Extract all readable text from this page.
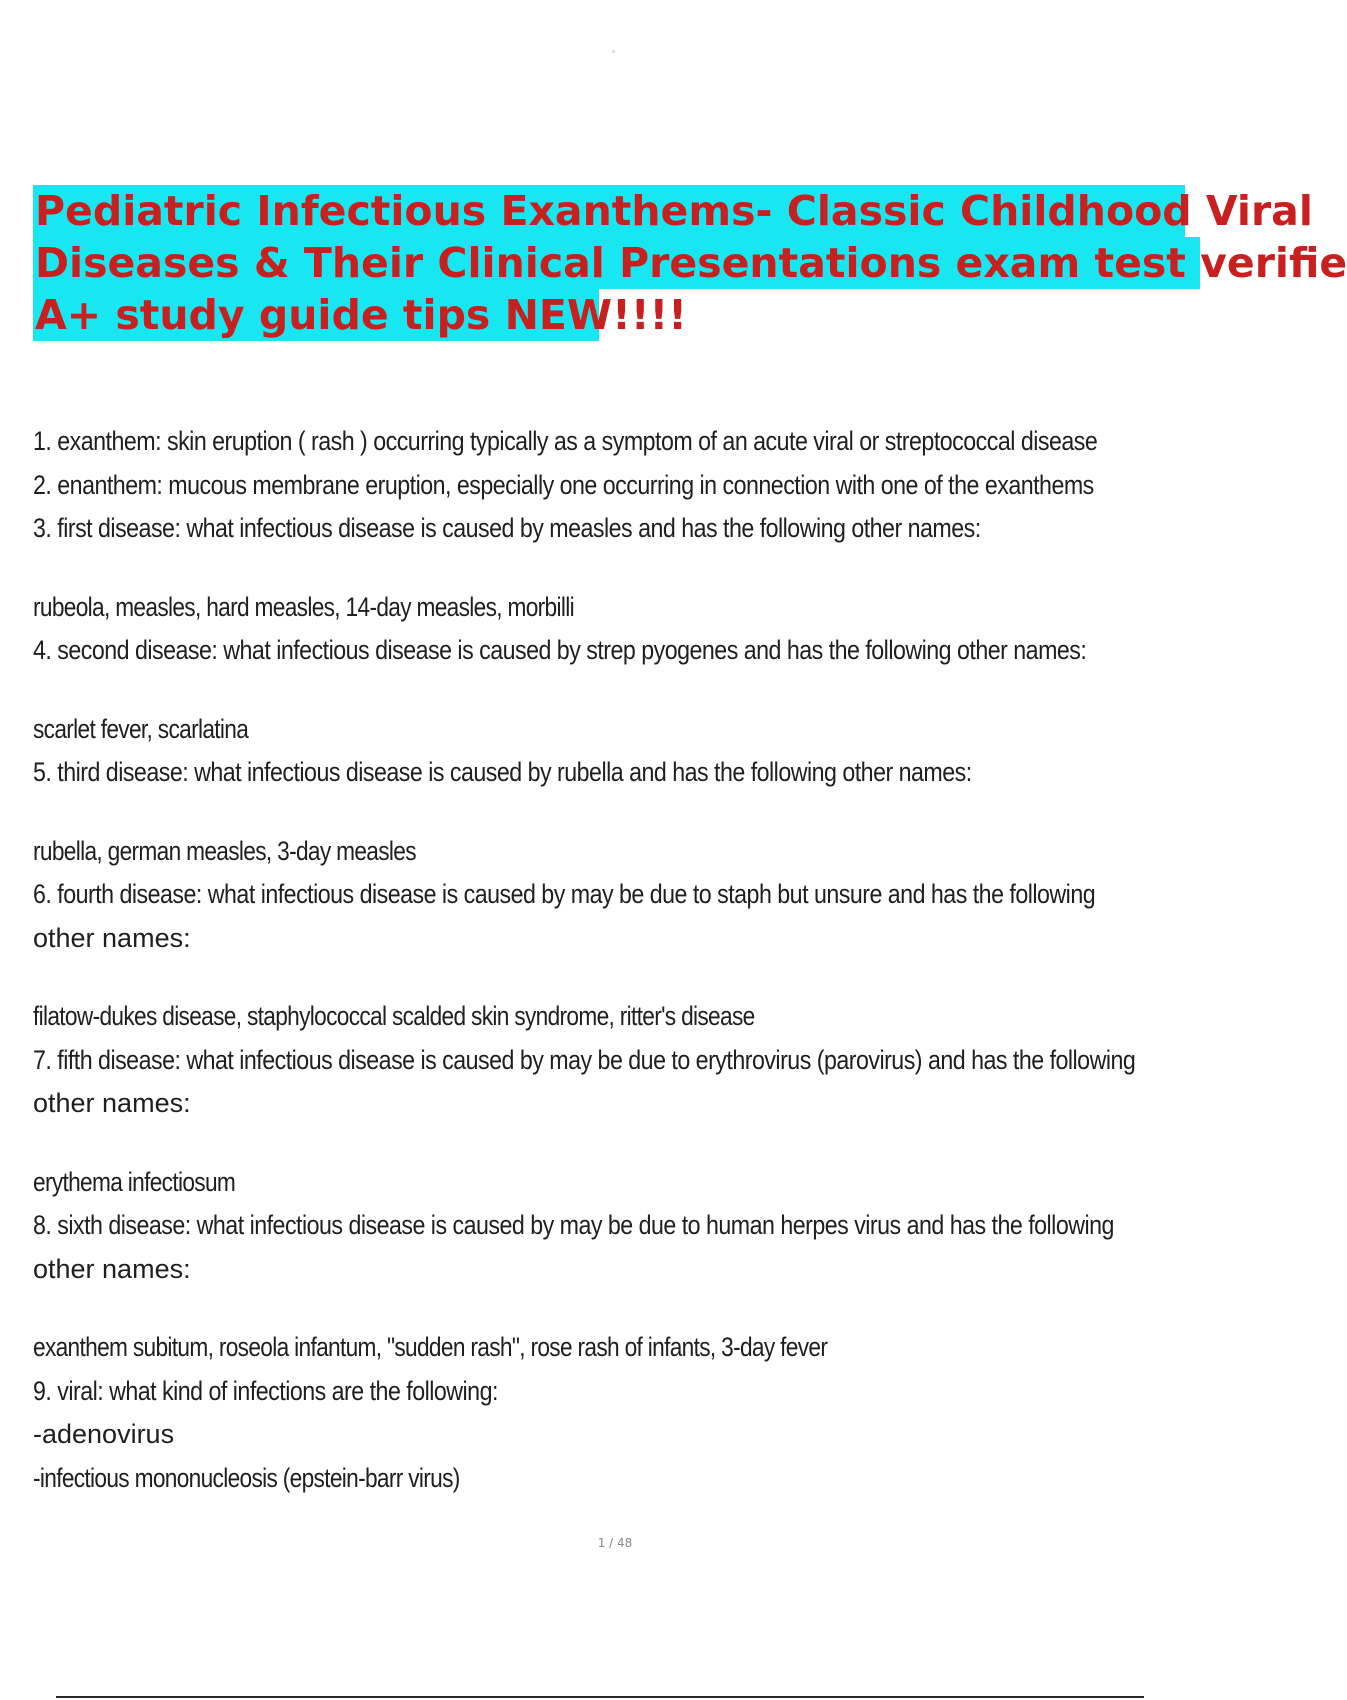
Pediatric Infectious Exanthems- Classic Childhood Viral
Diseases & Their Clinical Presentations exam test verifie
A+ study guide tips NEW!!!!
1. exanthem: skin eruption ( rash ) occurring typically as a symptom of an acute viral or streptococcal disease
2. enanthem: mucous membrane eruption, especially one occurring in connection with one of the exanthems
3. first disease: what infectious disease is caused by measles and has the following other names:
rubeola, measles, hard measles, 14-day measles, morbilli
4. second disease: what infectious disease is caused by strep pyogenes and has the following other names:
scarlet fever, scarlatina
5. third disease: what infectious disease is caused by rubella and has the following other names:
rubella, german measles, 3-day measles
6. fourth disease: what infectious disease is caused by may be due to staph but unsure and has the following
other names:
filatow-dukes disease, staphylococcal scalded skin syndrome, ritter's disease
7. fifth disease: what infectious disease is caused by may be due to erythrovirus (parovirus) and has the following
other names:
erythema infectiosum
8. sixth disease: what infectious disease is caused by may be due to human herpes virus and has the following
other names:
exanthem subitum, roseola infantum, "sudden rash", rose rash of infants, 3-day fever
9. viral: what kind of infections are the following:
-adenovirus
-infectious mononucleosis (epstein-barr virus)
1 / 48
